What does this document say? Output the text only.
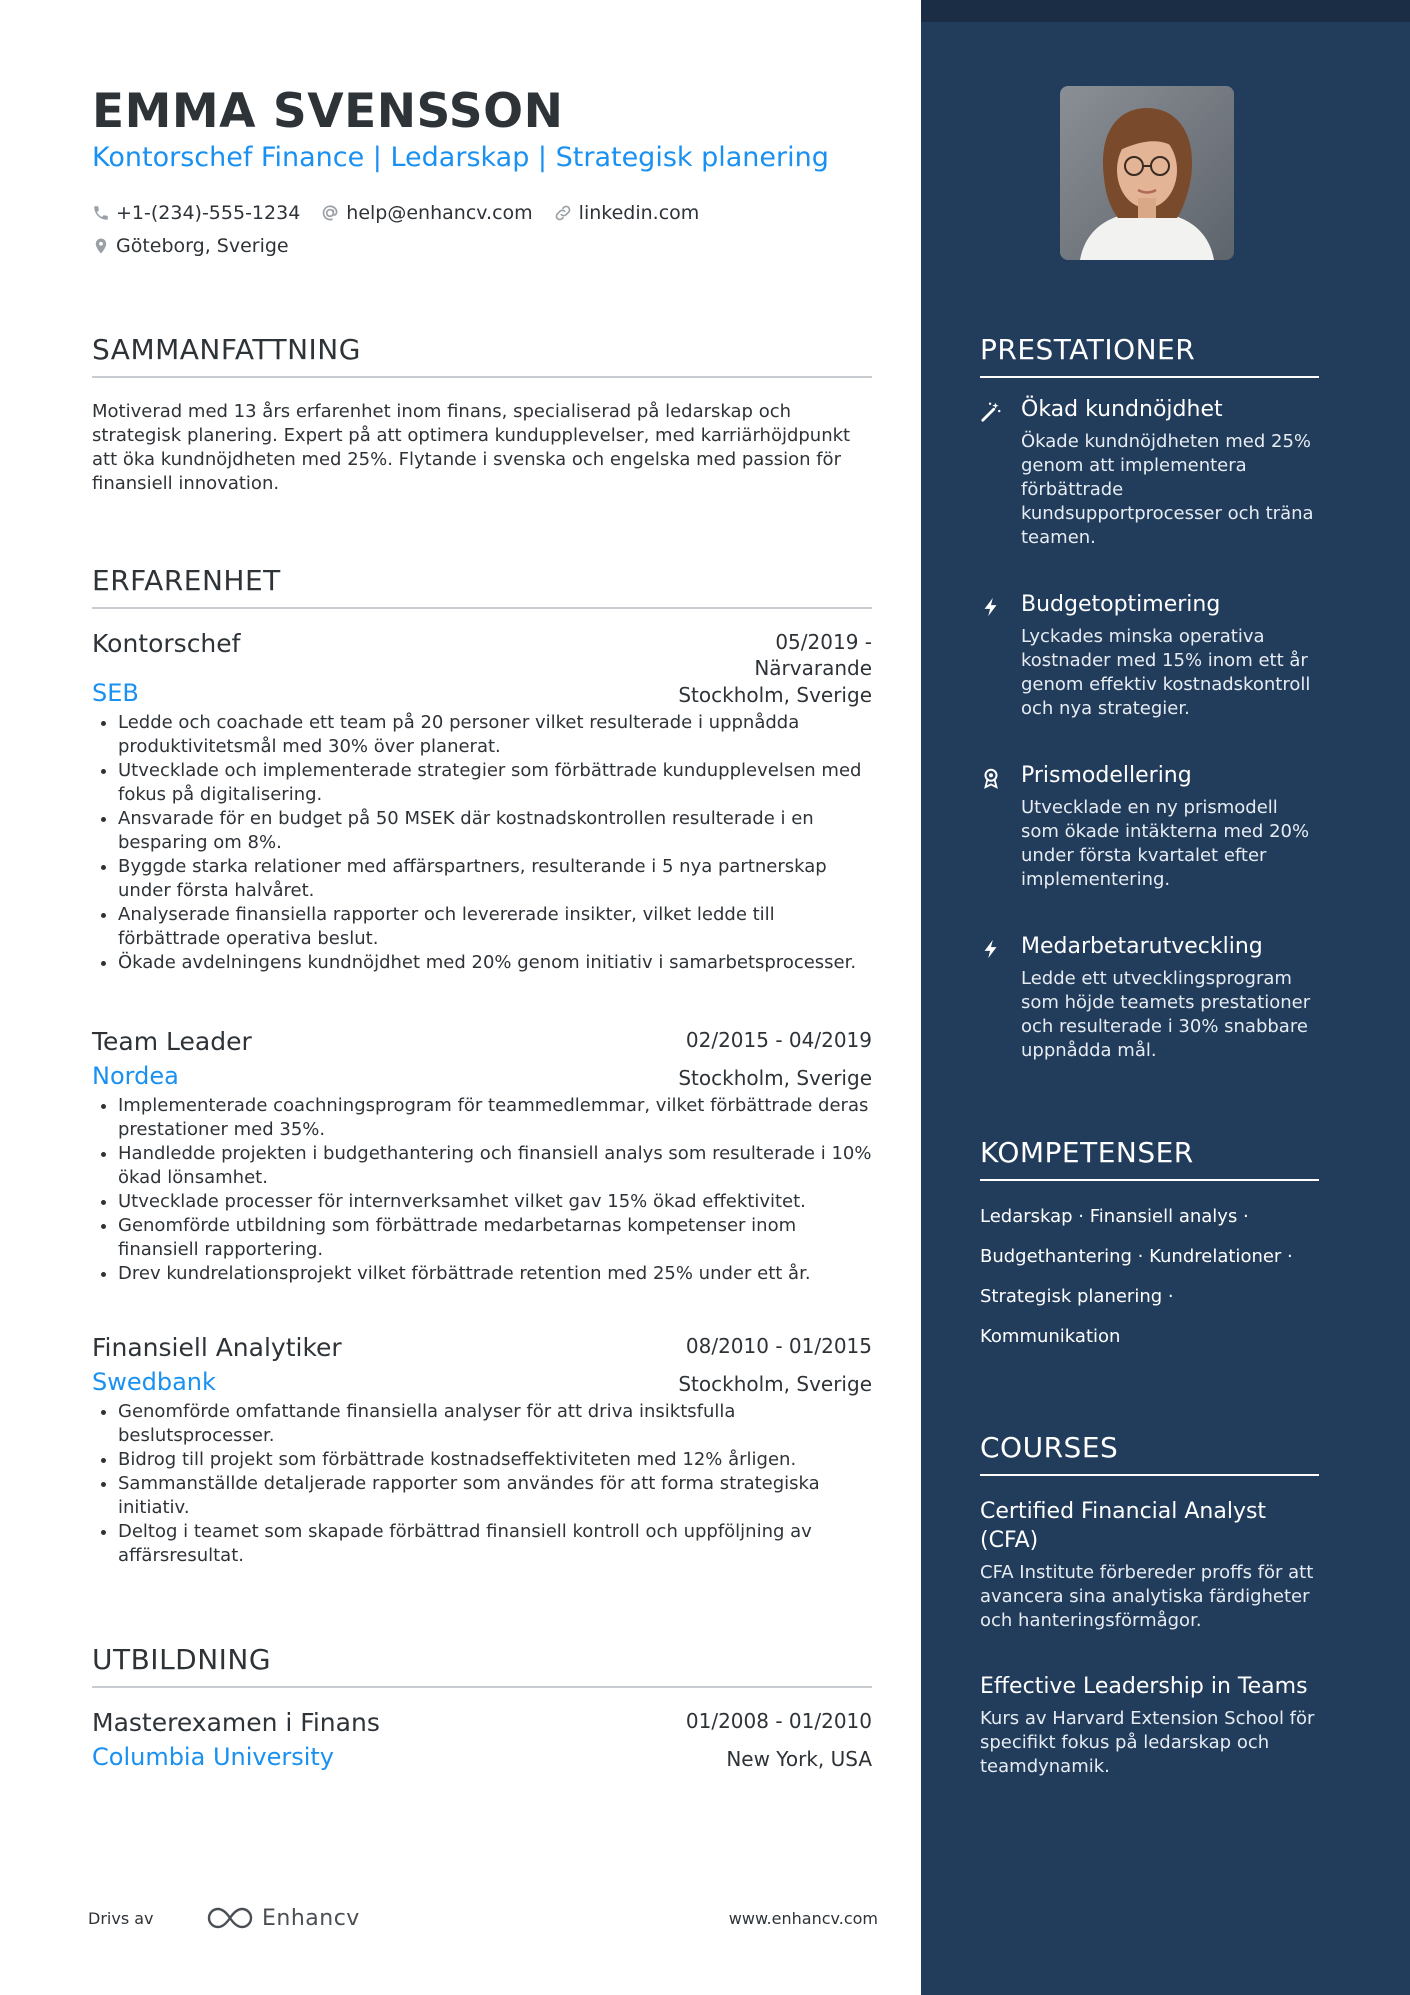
EMMA SVENSSON
Kontorschef Finance | Ledarskap | Strategisk planering
+1-(234)-555-1234 help@enhancv.com linkedin.com
Göteborg, Sverige
SAMMANFATTNING
Motiverad med 13 års erfarenhet inom finans, specialiserad på ledarskap och strategisk planering. Expert på att optimera kundupplevelser, med karriärhöjdpunkt att öka kundnöjdheten med 25%. Flytande i svenska och engelska med passion för finansiell innovation.
ERFARENHET
Kontorschef	05/2019 -
Närvarande
SEB	Stockholm, Sverige
• Ledde och coachade ett team på 20 personer vilket resulterade i uppnådda produktivitetsmål med 30% över planerat.
• Utvecklade och implementerade strategier som förbättrade kundupplevelsen med fokus på digitalisering.
• Ansvarade för en budget på 50 MSEK där kostnadskontrollen resulterade i en besparing om 8%.
• Byggde starka relationer med affärspartners, resulterande i 5 nya partnerskap under första halvåret.
• Analyserade finansiella rapporter och levererade insikter, vilket ledde till förbättrade operativa beslut.
• Ökade avdelningens kundnöjdhet med 20% genom initiativ i samarbetsprocesser.
Team Leader	02/2015 - 04/2019
Nordea	Stockholm, Sverige
• Implementerade coachningsprogram för teammedlemmar, vilket förbättrade deras prestationer med 35%.
• Handledde projekten i budgethantering och finansiell analys som resulterade i 10% ökad lönsamhet.
• Utvecklade processer för internverksamhet vilket gav 15% ökad effektivitet.
• Genomförde utbildning som förbättrade medarbetarnas kompetenser inom finansiell rapportering.
• Drev kundrelationsprojekt vilket förbättrade retention med 25% under ett år.
Finansiell Analytiker	08/2010 - 01/2015
Swedbank	Stockholm, Sverige
• Genomförde omfattande finansiella analyser för att driva insiktsfulla beslutsprocesser.
• Bidrog till projekt som förbättrade kostnadseffektiviteten med 12% årligen.
• Sammanställde detaljerade rapporter som användes för att forma strategiska initiativ.
• Deltog i teamet som skapade förbättrad finansiell kontroll och uppföljning av affärsresultat.
UTBILDNING
Masterexamen i Finans	01/2008 - 01/2010
Columbia University	New York, USA
Drivs av	Enhancv	www.enhancv.com
PRESTATIONER
Ökad kundnöjdhet
Ökade kundnöjdheten med 25% genom att implementera förbättrade kundsupportprocesser och träna teamen.
Budgetoptimering
Lyckades minska operativa kostnader med 15% inom ett år genom effektiv kostnadskontroll och nya strategier.
Prismodellering
Utvecklade en ny prismodell som ökade intäkterna med 20% under första kvartalet efter implementering.
Medarbetarutveckling
Ledde ett utvecklingsprogram som höjde teamets prestationer och resulterade i 30% snabbare uppnådda mål.
KOMPETENSER
Ledarskap · Finansiell analys ·
Budgethantering · Kundrelationer ·
Strategisk planering ·
Kommunikation
COURSES
Certified Financial Analyst (CFA)
CFA Institute förbereder proffs för att avancera sina analytiska färdigheter och hanteringsförmågor.
Effective Leadership in Teams
Kurs av Harvard Extension School för specifikt fokus på ledarskap och teamdynamik.
